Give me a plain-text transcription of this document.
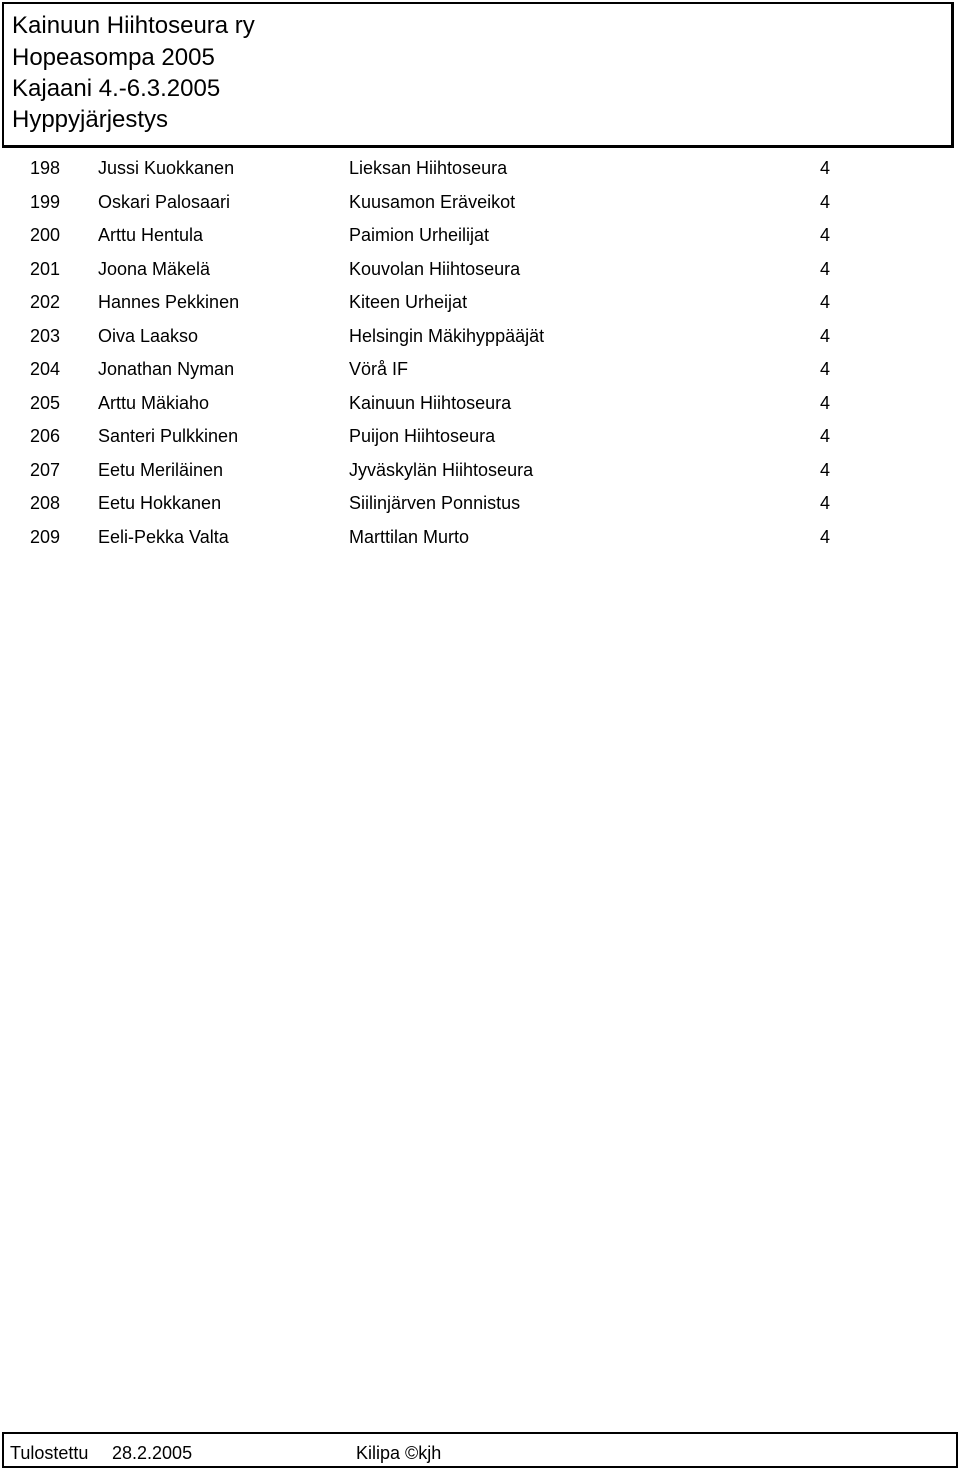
Kainuun Hiihtoseura ry
Hopeasompa 2005
Kajaani 4.-6.3.2005
Hyppyjärjestys
198 Jussi Kuokkanen	Lieksan Hiihtoseura	4
199 Oskari Palosaari	Kuusamon Eräveikot	4
200 Arttu Hentula	Paimion Urheilijat	4
201 Joona Mäkelä	Kouvolan Hiihtoseura	4
202 Hannes Pekkinen	Kiteen Urheijat	4
203 Oiva Laakso	Helsingin Mäkihyppääjät	4
204 Jonathan Nyman	Vörå IF	4
205 Arttu Mäkiaho	Kainuun Hiihtoseura	4
206 Santeri Pulkkinen	Puijon Hiihtoseura	4
207 Eetu Meriläinen	Jyväskylän Hiihtoseura	4
208 Eetu Hokkanen	Siilinjärven Ponnistus	4
209 Eeli-Pekka Valta	Marttilan Murto	4
Tulostettu 28.2.2005	Kilipa ©kjh
